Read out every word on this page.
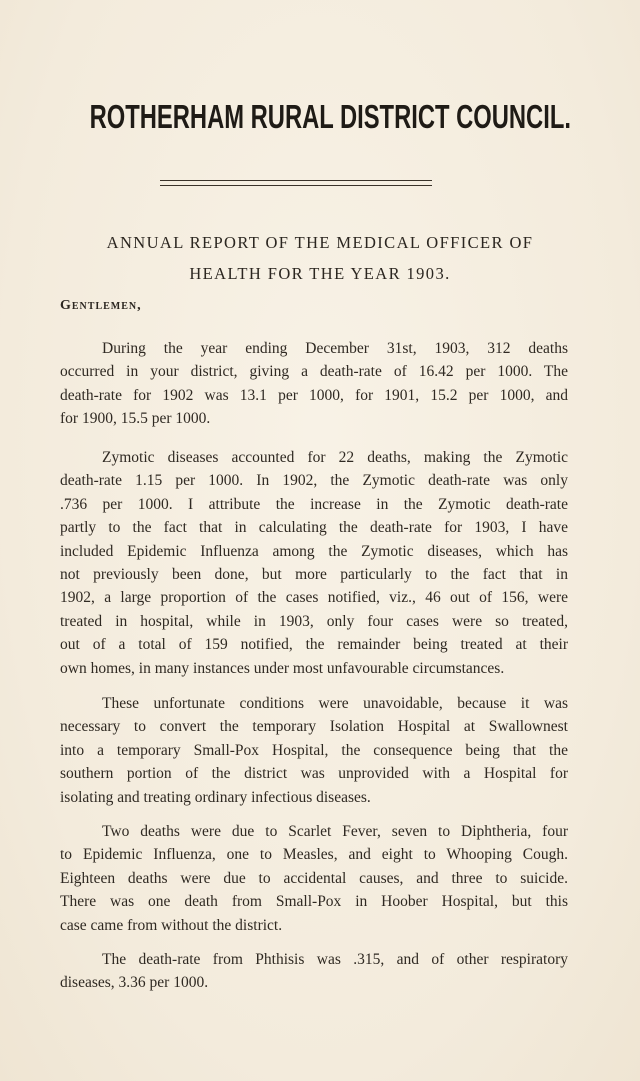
ROTHERHAM RURAL DISTRICT COUNCIL.
ANNUAL REPORT OF THE MEDICAL OFFICER OF
HEALTH FOR THE YEAR 1903.
Gentlemen,
During the year ending December 31st, 1903, 312 deaths
occurred in your district, giving a death-rate of 16.42 per 1000. The
death-rate for 1902 was 13.1 per 1000, for 1901, 15.2 per 1000, and
for 1900, 15.5 per 1000.
Zymotic diseases accounted for 22 deaths, making the Zymotic
death-rate 1.15 per 1000. In 1902, the Zymotic death-rate was only
.736 per 1000. I attribute the increase in the Zymotic death-rate
partly to the fact that in calculating the death-rate for 1903, I have
included Epidemic Influenza among the Zymotic diseases, which has
not previously been done, but more particularly to the fact that in
1902, a large proportion of the cases notified, viz., 46 out of 156, were
treated in hospital, while in 1903, only four cases were so treated,
out of a total of 159 notified, the remainder being treated at their
own homes, in many instances under most unfavourable circumstances.
These unfortunate conditions were unavoidable, because it was
necessary to convert the temporary Isolation Hospital at Swallownest
into a temporary Small-Pox Hospital, the consequence being that the
southern portion of the district was unprovided with a Hospital for
isolating and treating ordinary infectious diseases.
Two deaths were due to Scarlet Fever, seven to Diphtheria, four
to Epidemic Influenza, one to Measles, and eight to Whooping Cough.
Eighteen deaths were due to accidental causes, and three to suicide.
There was one death from Small-Pox in Hoober Hospital, but this
case came from without the district.
The death-rate from Phthisis was .315, and of other respiratory
diseases, 3.36 per 1000.
